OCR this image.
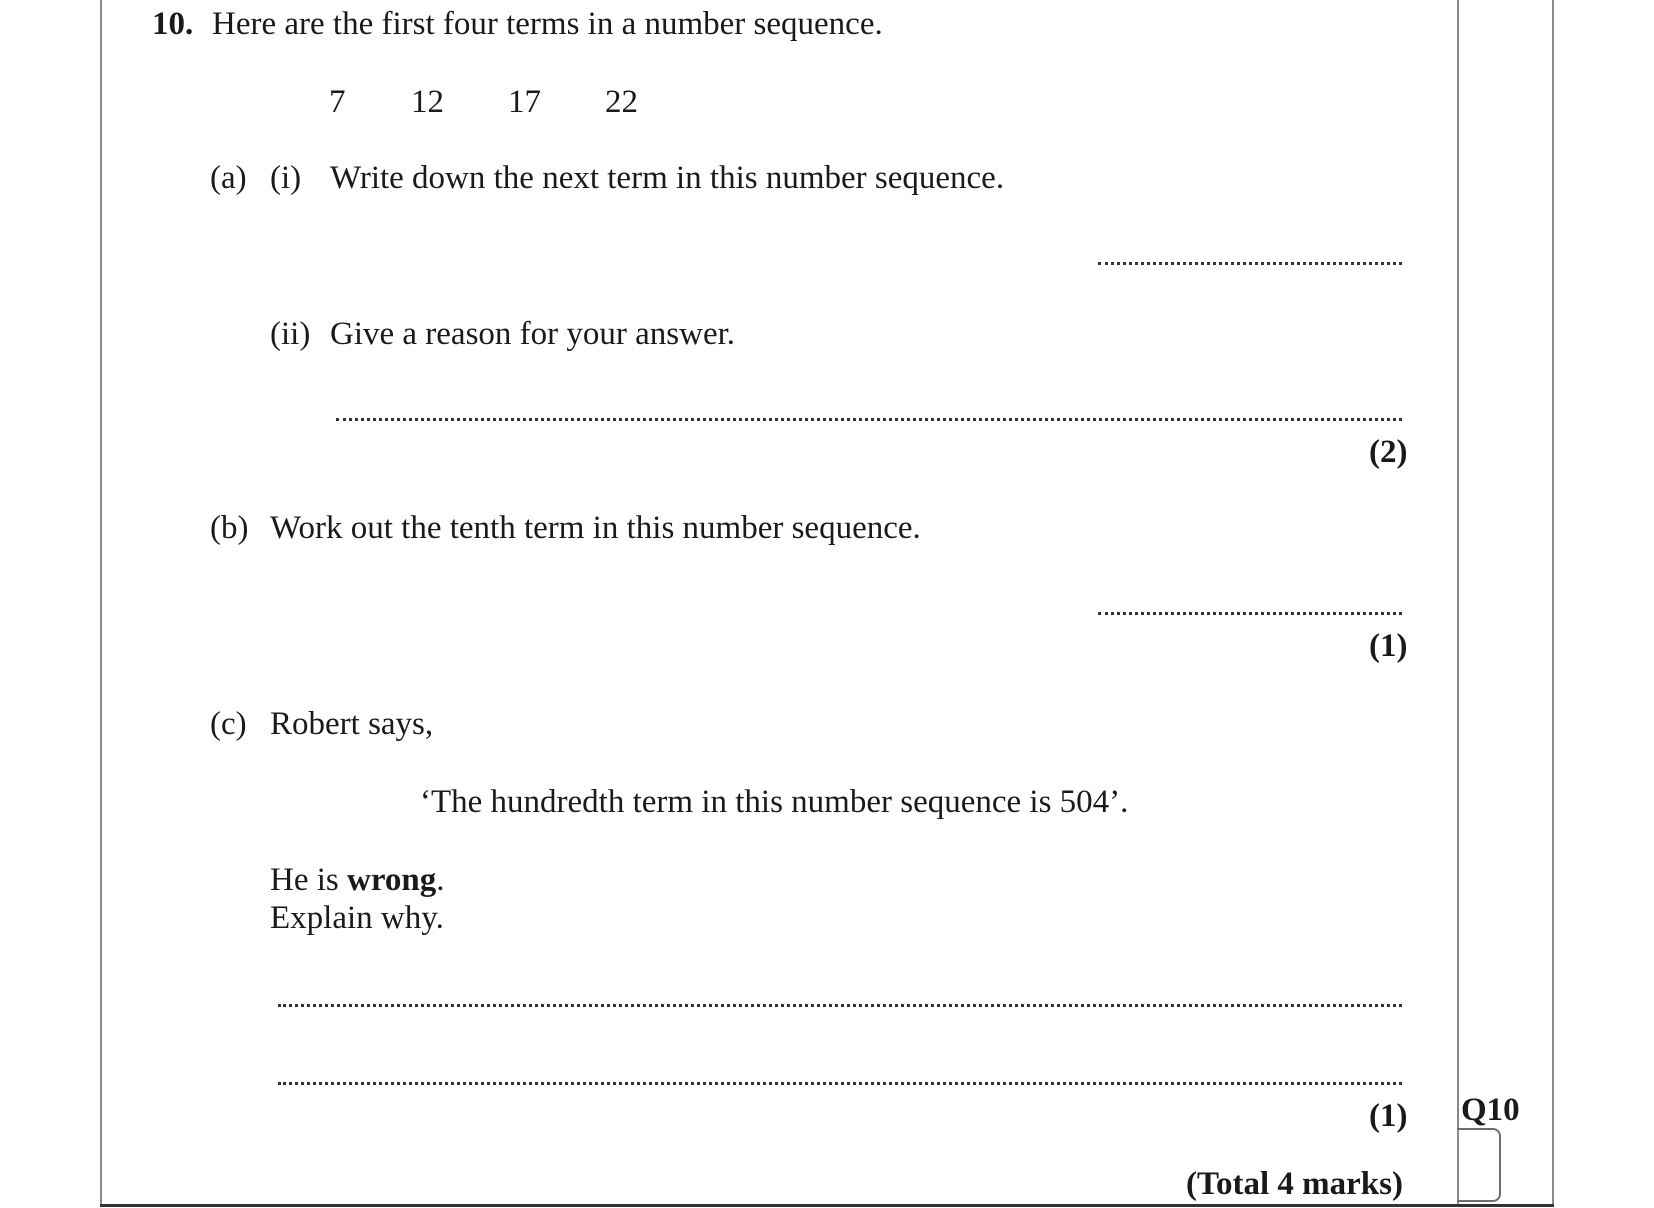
10. Here are the first four terms in a number sequence.
7 12 17 22
(a) (i) Write down the next term in this number sequence.
(ii) Give a reason for your answer.
(2)
(b) Work out the tenth term in this number sequence.
(1)
(c) Robert says,
‘The hundredth term in this number sequence is 504’.
He is wrong.
Explain why.
(1) Q10
(Total 4 marks)
